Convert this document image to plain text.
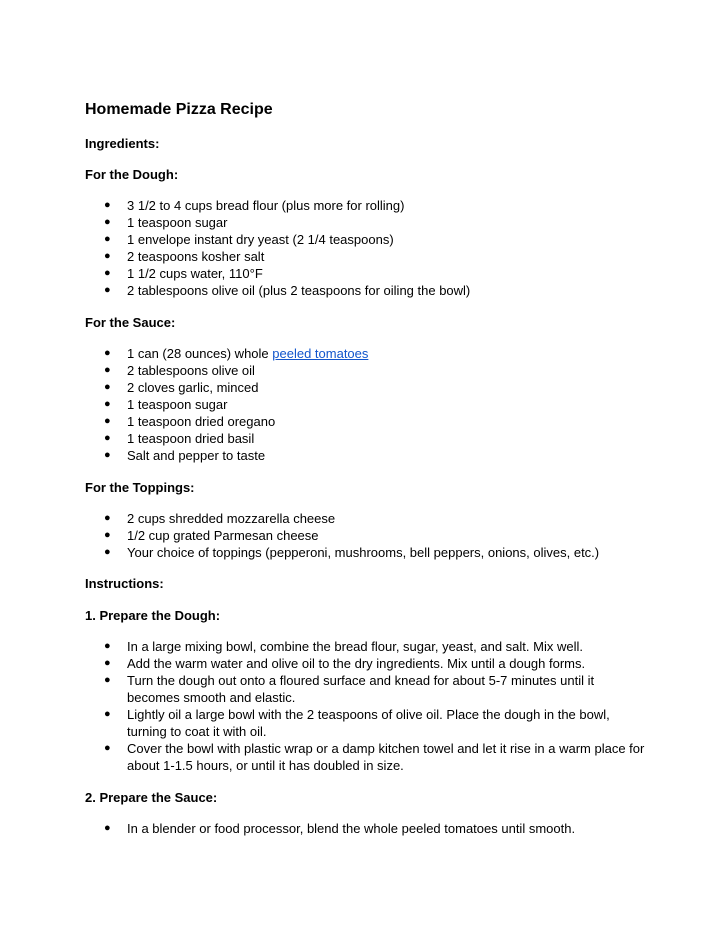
Homemade Pizza Recipe
Ingredients:
For the Dough:
● 3 1/2 to 4 cups bread flour (plus more for rolling)
● 1 teaspoon sugar
● 1 envelope instant dry yeast (2 1/4 teaspoons)
● 2 teaspoons kosher salt
● 1 1/2 cups water, 110°F
● 2 tablespoons olive oil (plus 2 teaspoons for oiling the bowl)
For the Sauce:
● 1 can (28 ounces) whole peeled tomatoes
● 2 tablespoons olive oil
● 2 cloves garlic, minced
● 1 teaspoon sugar
● 1 teaspoon dried oregano
● 1 teaspoon dried basil
● Salt and pepper to taste
For the Toppings:
● 2 cups shredded mozzarella cheese
● 1/2 cup grated Parmesan cheese
● Your choice of toppings (pepperoni, mushrooms, bell peppers, onions, olives, etc.)
Instructions:
1. Prepare the Dough:
● In a large mixing bowl, combine the bread flour, sugar, yeast, and salt. Mix well.
● Add the warm water and olive oil to the dry ingredients. Mix until a dough forms.
● Turn the dough out onto a floured surface and knead for about 5-7 minutes until it becomes smooth and elastic.
● Lightly oil a large bowl with the 2 teaspoons of olive oil. Place the dough in the bowl, turning to coat it with oil.
● Cover the bowl with plastic wrap or a damp kitchen towel and let it rise in a warm place for about 1-1.5 hours, or until it has doubled in size.
2. Prepare the Sauce:
● In a blender or food processor, blend the whole peeled tomatoes until smooth.
